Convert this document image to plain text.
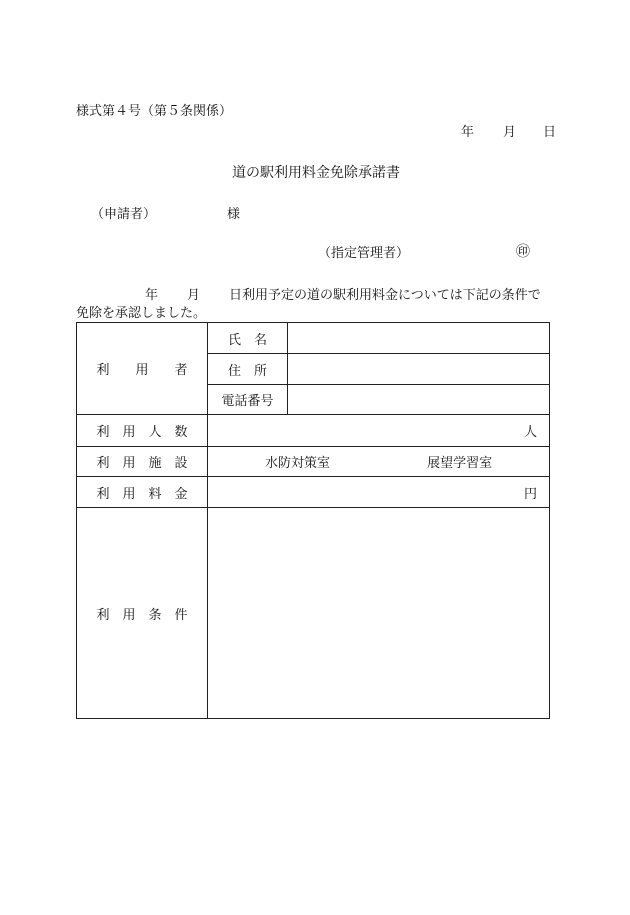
様式第４号（第５条関係）
年 月 日
道の駅利用料金免除承諾書
（申請者）	様
（指定管理者）	㊞
年 月 日利用予定の道の駅利用料金については下記の条件で
免除を承認しました。
利　用　者	氏　名	
	住　所	
	電話番号	
利　用　人　数	人	
利　用　施　設	水防対策室 展望学習室	
利　用　料　金	円	
利　用　条　件		
